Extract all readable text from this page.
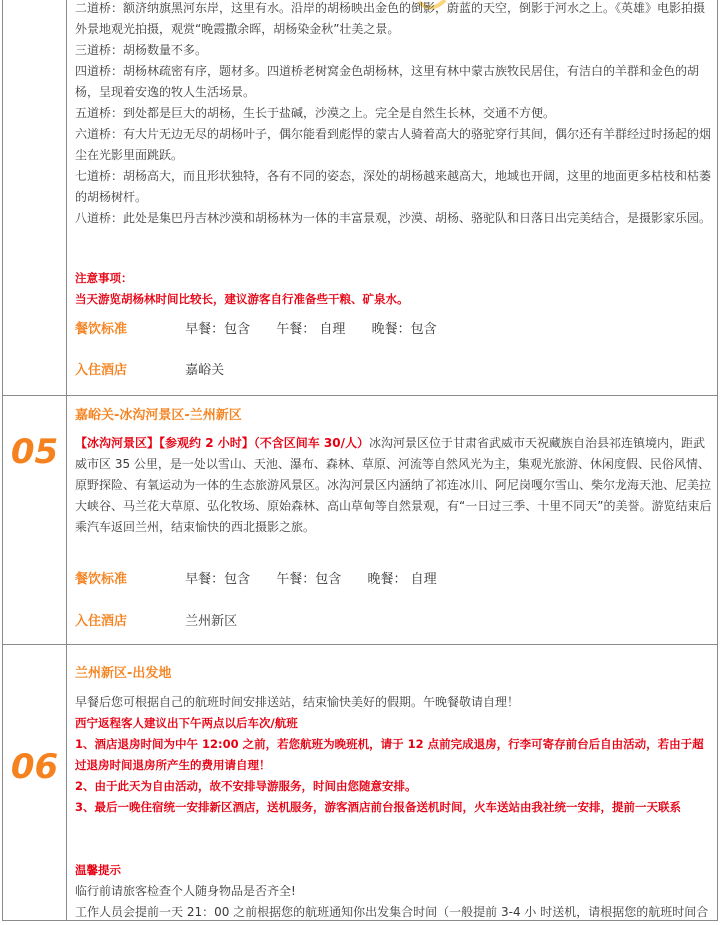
二道桥：额济纳旗黑河东岸，这里有水。沿岸的胡杨映出金色的倒影，蔚蓝的天空，倒影于河水之上。《英雄》电影拍摄外景地观光拍摄，观赏“晚霞撒余晖，胡杨染金秋”壮美之景。

三道桥：胡杨数量不多。

四道桥：胡杨林疏密有序，题材多。四道桥老树窝金色胡杨林，这里有林中蒙古族牧民居住，有洁白的羊群和金色的胡杨，呈现着安逸的牧人生活场景。

五道桥：到处都是巨大的胡杨，生长于盐碱，沙漠之上。完全是自然生长林，交通不方便。

六道桥：有大片无边无尽的胡杨叶子，偶尔能看到彪悍的蒙古人骑着高大的骆驼穿行其间，偶尔还有羊群经过时扬起的烟尘在光影里面跳跃。

七道桥：胡杨高大，而且形状独特，各有不同的姿态，深处的胡杨越来越高大，地域也开阔，这里的地面更多枯枝和枯萎的胡杨树杆。

八道桥：此处是集巴丹吉林沙漠和胡杨林为一体的丰富景观，沙漠、胡杨、骆驼队和日落日出完美结合，是摄影家乐园。

注意事项：

当天游览胡杨林时间比较长，建议游客自行准备些干粮、矿泉水。

餐饮标准	早餐：包含 午餐： 自理 晚餐：包含
入住酒店	嘉峪关
05

嘉峪关-冰沟河景区-兰州新区

【冰沟河景区】【参观约 2 小时】（不含区间车 30/人）冰沟河景区位于甘肃省武威市天祝藏族自治县祁连镇境内，距武威市区 35 公里，是一处以雪山、天池、瀑布、森林、草原、河流等自然风光为主，集观光旅游、休闲度假、民俗风情、原野探险、有氧运动为一体的生态旅游风景区。冰沟河景区内涵纳了祁连冰川、阿尼岗嘎尔雪山、柴尔龙海天池、尼美拉大峡谷、马兰花大草原、弘化牧场、原始森林、高山草甸等自然景观，有“一日过三季、十里不同天”的美誉。游览结束后乘汽车返回兰州，结束愉快的西北摄影之旅。

餐饮标准	早餐：包含 午餐：包含 晚餐： 自理
入住酒店	兰州新区
06

兰州新区-出发地

早餐后您可根据自己的航班时间安排送站，结束愉快美好的假期。午晚餐敬请自理！

西宁返程客人建议出下午两点以后车次/航班

1、酒店退房时间为中午 12:00 之前，若您航班为晚班机，请于 12 点前完成退房，行李可寄存前台后自由活动，若由于超过退房时间退房所产生的费用请自理！

2、由于此天为自由活动，故不安排导游服务，时间由您随意安排。

3、最后一晚住宿统一安排新区酒店，送机服务，游客酒店前台报备送机时间，火车送站由我社统一安排，提前一天联系

温馨提示

临行前请旅客检查个人随身物品是否齐全!

工作人员会提前一天 21：00 之前根据您的航班通知你出发集合时间（一般提前 3-4 小 时送机，请根据您的航班时间合
